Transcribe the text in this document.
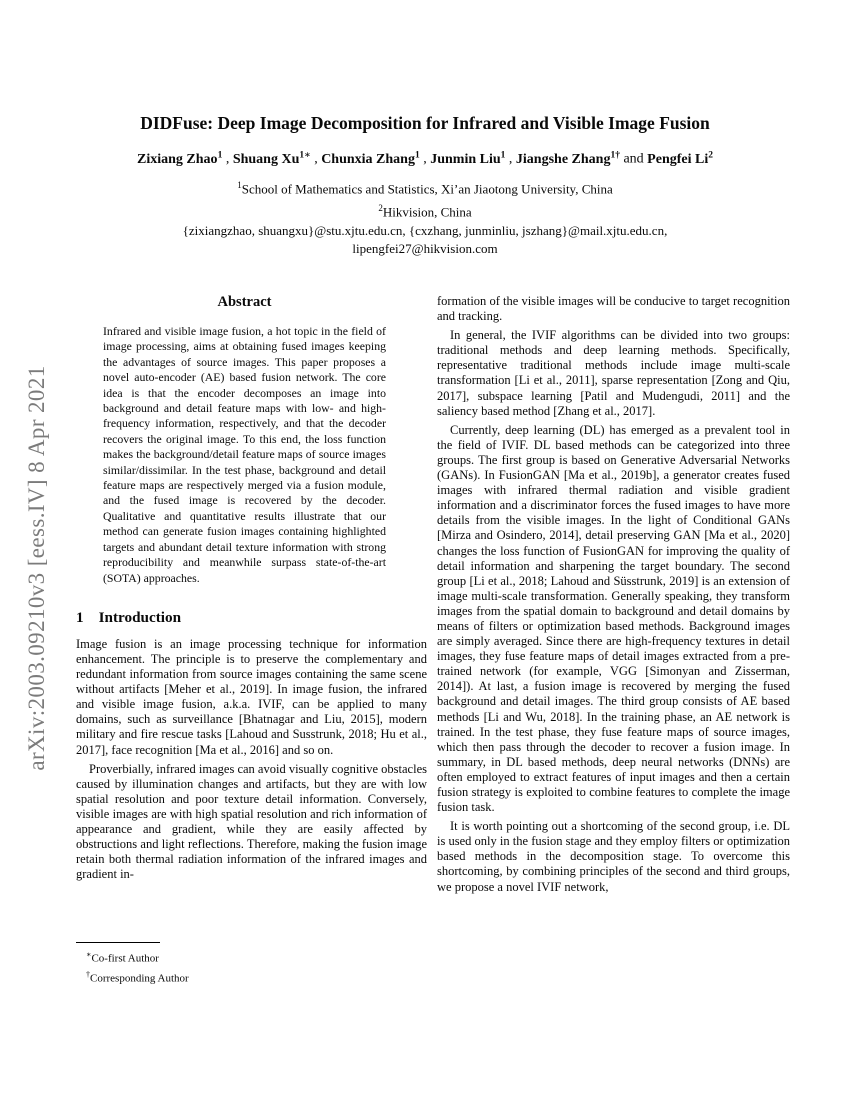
arXiv:2003.09210v3 [eess.IV] 8 Apr 2021
DIDFuse: Deep Image Decomposition for Infrared and Visible Image Fusion

Zixiang Zhao$^1$ , Shuang $Xu^{1∗}$ , Chunxia Zhang$^1$ , Junmin Liu$^1$ , Jiangshe Zhang$^{1\dagger}$ and Pengfei Li$^2$

$^1$School of Mathematics and Statistics, Xi’an Jiaotong University, China

$^2$Hikvision, China

{zixiangzhao, shuangxu}@stu.xjtu.edu.cn, {cxzhang, junminliu, jszhang}@mail.xjtu.edu.cn,

lipengfei27@hikvision.com

Abstract

Infrared and visible image fusion, a hot topic in the field of image processing, aims at obtaining fused images keeping the advantages of source images. This paper proposes a novel auto-encoder (AE) based fusion network. The core idea is that the encoder decomposes an image into background and detail feature maps with low- and high-frequency information, respectively, and that the decoder recovers the original image. To this end, the loss function makes the background/detail feature maps of source images similar/dissimilar. In the test phase, background and detail feature maps are respectively merged via a fusion module, and the fused image is recovered by the decoder. Qualitative and quantitative results illustrate that our method can generate fusion images containing highlighted targets and abundant detail texture information with strong reproducibility and meanwhile surpass state-of-the-art (SOTA) approaches.

1 Introduction

Image fusion is an image processing technique for information enhancement. The principle is to preserve the complementary and redundant information from source images containing the same scene without artifacts [Meher et al., 2019]. In image fusion, the infrared and visible image fusion, a.k.a. IVIF, can be applied to many domains, such as surveillance [Bhatnagar and Liu, 2015], modern military and fire rescue tasks [Lahoud and Susstrunk, 2018; Hu et al., 2017], face recognition [Ma et al., 2016] and so on.

Proverbially, infrared images can avoid visually cognitive obstacles caused by illumination changes and artifacts, but they are with low spatial resolution and poor texture detail information. Conversely, visible images are with high spatial resolution and rich information of appearance and gradient, while they are easily affected by obstructions and light reflections. Therefore, making the fusion image retain both thermal radiation information of the infrared images and gradient in-

formation of the visible images will be conducive to target recognition and tracking.

In general, the IVIF algorithms can be divided into two groups: traditional methods and deep learning methods. Specifically, representative traditional methods include image multi-scale transformation [Li et al., 2011], sparse representation [Zong and Qiu, 2017], subspace learning [Patil and Mudengudi, 2011] and the saliency based method [Zhang et al., 2017].

Currently, deep learning (DL) has emerged as a prevalent tool in the field of IVIF. DL based methods can be categorized into three groups. The first group is based on Generative Adversarial Networks (GANs). In FusionGAN [Ma et al., 2019b], a generator creates fused images with infrared thermal radiation and visible gradient information and a discriminator forces the fused images to have more details from the visible images. In the light of Conditional GANs [Mirza and Osindero, 2014], detail preserving GAN [Ma et al., 2020] changes the loss function of FusionGAN for improving the quality of detail information and sharpening the target boundary. The second group [Li et al., 2018; Lahoud and Süsstrunk, 2019] is an extension of image multi-scale transformation. Generally speaking, they transform images from the spatial domain to background and detail domains by means of filters or optimization based methods. Background images are simply averaged. Since there are high-frequency textures in detail images, they fuse feature maps of detail images extracted from a pre-trained network (for example, VGG [Simonyan and Zisserman, 2014]). At last, a fusion image is recovered by merging the fused background and detail images. The third group consists of AE based methods [Li and Wu, 2018]. In the training phase, an AE network is trained. In the test phase, they fuse feature maps of source images, which then pass through the decoder to recover a fusion image. In summary, in DL based methods, deep neural networks (DNNs) are often employed to extract features of input images and then a certain fusion strategy is exploited to combine features to complete the image fusion task.

It is worth pointing out a shortcoming of the second group, i.e. DL is used only in the fusion stage and they employ filters or optimization based methods in the decomposition stage. To overcome this shortcoming, by combining principles of the second and third groups, we propose a novel IVIF network,

∗Co-first Author

†Corresponding Author
